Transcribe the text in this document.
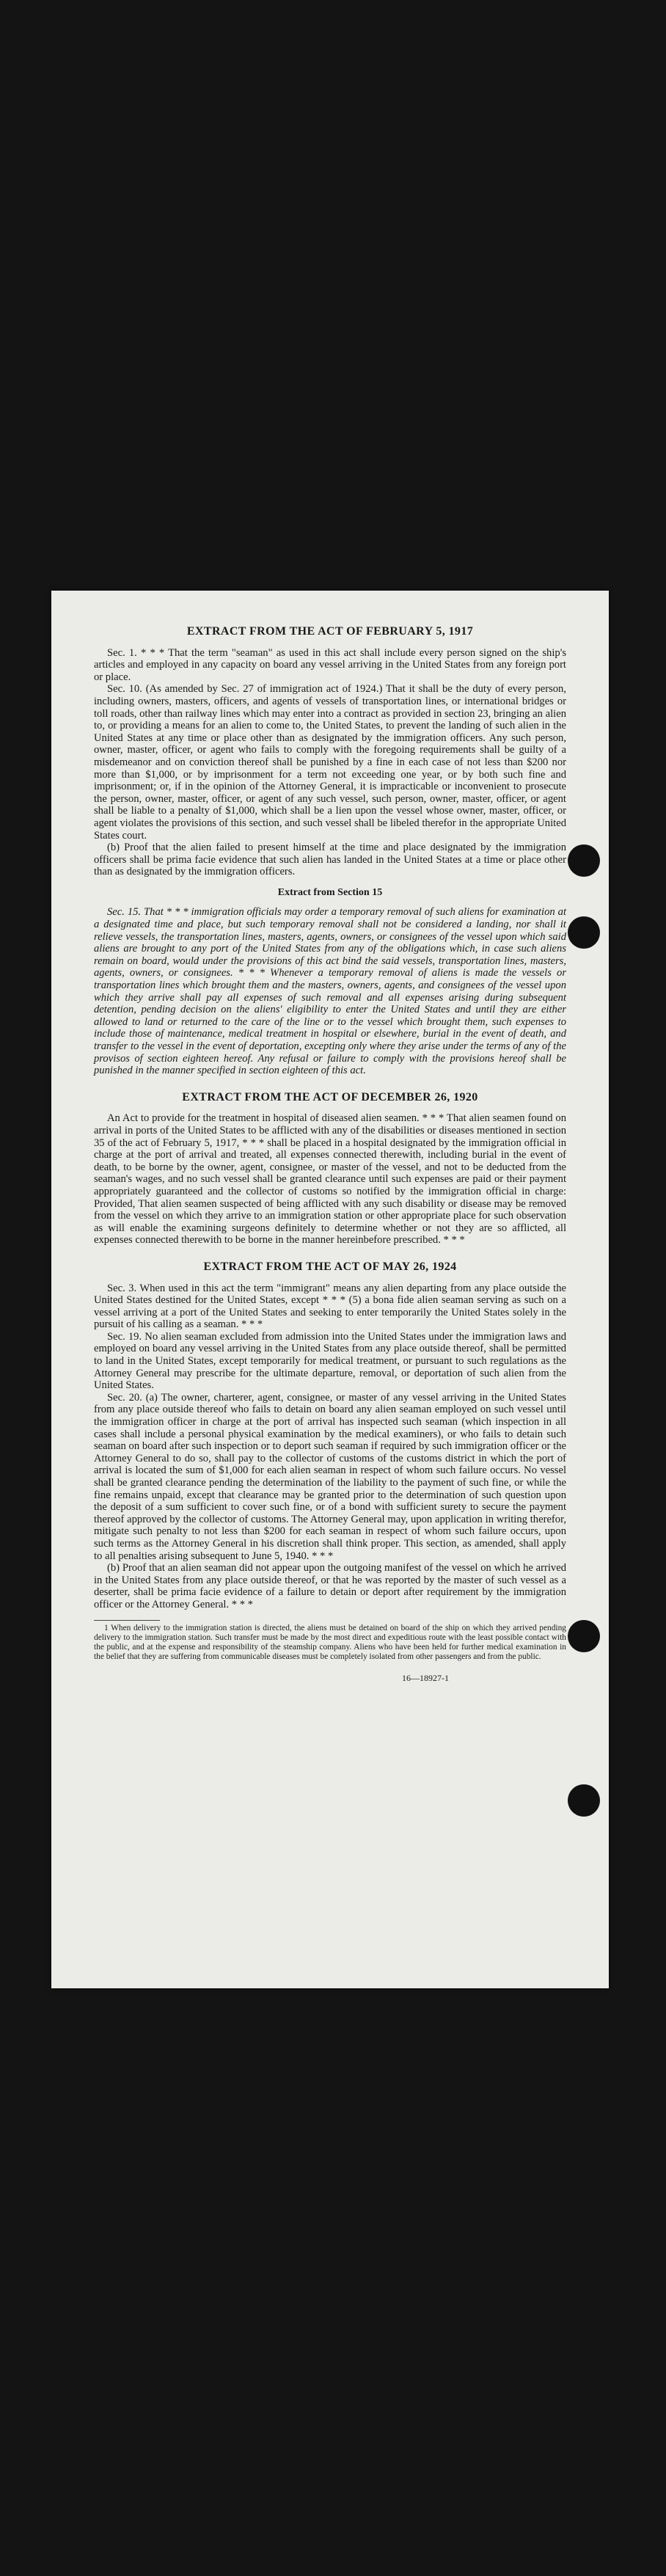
EXTRACT FROM THE ACT OF FEBRUARY 5, 1917

Sec. 1. * * * That the term "seaman" as used in this act shall include every person signed on the ship's articles and employed in any capacity on board any vessel arriving in the United States from any foreign port or place.

Sec. 10. (As amended by Sec. 27 of immigration act of 1924.) That it shall be the duty of every person, including owners, masters, officers, and agents of vessels of transportation lines, or international bridges or toll roads, other than railway lines which may enter into a contract as provided in section 23, bringing an alien to, or providing a means for an alien to come to, the United States, to prevent the landing of such alien in the United States at any time or place other than as designated by the immigration officers. Any such person, owner, master, officer, or agent who fails to comply with the foregoing requirements shall be guilty of a misdemeanor and on conviction thereof shall be punished by a fine in each case of not less than $200 nor more than $1,000, or by imprisonment for a term not exceeding one year, or by both such fine and imprisonment; or, if in the opinion of the Attorney General, it is impracticable or inconvenient to prosecute the person, owner, master, officer, or agent of any such vessel, such person, owner, master, officer, or agent shall be liable to a penalty of $1,000, which shall be a lien upon the vessel whose owner, master, officer, or agent violates the provisions of this section, and such vessel shall be libeled therefor in the appropriate United States court.

(b) Proof that the alien failed to present himself at the time and place designated by the immigration officers shall be prima facie evidence that such alien has landed in the United States at a time or place other than as designated by the immigration officers.

Extract from Section 15

Sec. 15. That * * * immigration officials may order a temporary removal of such aliens for examination at a designated time and place, but such temporary removal shall not be considered a landing, nor shall it relieve vessels, the transportation lines, masters, agents, owners, or consignees of the vessel upon which said aliens are brought to any port of the United States from any of the obligations which, in case such aliens remain on board, would under the provisions of this act bind the said vessels, transportation lines, masters, agents, owners, or consignees. * * * Whenever a temporary removal of aliens is made the vessels or transportation lines which brought them and the masters, owners, agents, and consignees of the vessel upon which they arrive shall pay all expenses of such removal and all expenses arising during subsequent detention, pending decision on the aliens' eligibility to enter the United States and until they are either allowed to land or returned to the care of the line or to the vessel which brought them, such expenses to include those of maintenance, medical treatment in hospital or elsewhere, burial in the event of death, and transfer to the vessel in the event of deportation, excepting only where they arise under the terms of any of the provisos of section eighteen hereof. Any refusal or failure to comply with the provisions hereof shall be punished in the manner specified in section eighteen of this act.

EXTRACT FROM THE ACT OF DECEMBER 26, 1920

An Act to provide for the treatment in hospital of diseased alien seamen. * * * That alien seamen found on arrival in ports of the United States to be afflicted with any of the disabilities or diseases mentioned in section 35 of the act of February 5, 1917, * * * shall be placed in a hospital designated by the immigration official in charge at the port of arrival and treated, all expenses connected therewith, including burial in the event of death, to be borne by the owner, agent, consignee, or master of the vessel, and not to be deducted from the seaman's wages, and no such vessel shall be granted clearance until such expenses are paid or their payment appropriately guaranteed and the collector of customs so notified by the immigration official in charge: Provided, That alien seamen suspected of being afflicted with any such disability or disease may be removed from the vessel on which they arrive to an immigration station or other appropriate place for such observation as will enable the examining surgeons definitely to determine whether or not they are so afflicted, all expenses connected therewith to be borne in the manner hereinbefore prescribed. * * *

EXTRACT FROM THE ACT OF MAY 26, 1924

Sec. 3. When used in this act the term "immigrant" means any alien departing from any place outside the United States destined for the United States, except * * * (5) a bona fide alien seaman serving as such on a vessel arriving at a port of the United States and seeking to enter temporarily the United States solely in the pursuit of his calling as a seaman. * * *

Sec. 19. No alien seaman excluded from admission into the United States under the immigration laws and employed on board any vessel arriving in the United States from any place outside thereof, shall be permitted to land in the United States, except temporarily for medical treatment, or pursuant to such regulations as the Attorney General may prescribe for the ultimate departure, removal, or deportation of such alien from the United States.

Sec. 20. (a) The owner, charterer, agent, consignee, or master of any vessel arriving in the United States from any place outside thereof who fails to detain on board any alien seaman employed on such vessel until the immigration officer in charge at the port of arrival has inspected such seaman (which inspection in all cases shall include a personal physical examination by the medical examiners), or who fails to detain such seaman on board after such inspection or to deport such seaman if required by such immigration officer or the Attorney General to do so, shall pay to the collector of customs of the customs district in which the port of arrival is located the sum of $1,000 for each alien seaman in respect of whom such failure occurs. No vessel shall be granted clearance pending the determination of the liability to the payment of such fine, or while the fine remains unpaid, except that clearance may be granted prior to the determination of such question upon the deposit of a sum sufficient to cover such fine, or of a bond with sufficient surety to secure the payment thereof approved by the collector of customs. The Attorney General may, upon application in writing therefor, mitigate such penalty to not less than $200 for each seaman in respect of whom such failure occurs, upon such terms as the Attorney General in his discretion shall think proper. This section, as amended, shall apply to all penalties arising subsequent to June 5, 1940. * * *

(b) Proof that an alien seaman did not appear upon the outgoing manifest of the vessel on which he arrived in the United States from any place outside thereof, or that he was reported by the master of such vessel as a deserter, shall be prima facie evidence of a failure to detain or deport after requirement by the immigration officer or the Attorney General. * * *

1 When delivery to the immigration station is directed, the aliens must be detained on board of the ship on which they arrived pending delivery to the immigration station. Such transfer must be made by the most direct and expeditious route with the least possible contact with the public, and at the expense and responsibility of the steamship company. Aliens who have been held for further medical examination in the belief that they are suffering from communicable diseases must be completely isolated from other passengers and from the public.

16—18927-1
